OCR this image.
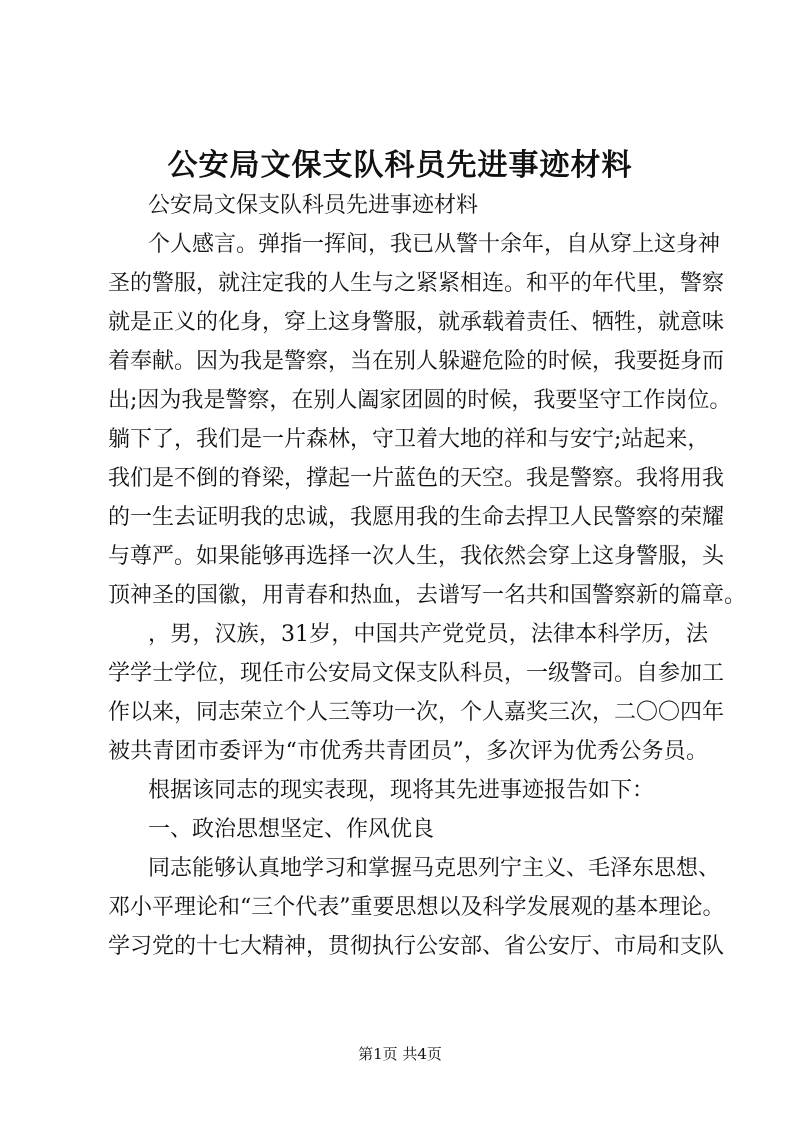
公安局文保支队科员先进事迹材料
公安局文保支队科员先进事迹材料
个人感言。弹指一挥间，我已从警十余年，自从穿上这身神
圣的警服，就注定我的人生与之紧紧相连。和平的年代里，警察
就是正义的化身，穿上这身警服，就承载着责任、牺牲，就意味
着奉献。因为我是警察，当在别人躲避危险的时候，我要挺身而
出;因为我是警察，在别人阖家团圆的时候，我要坚守工作岗位。
躺下了，我们是一片森林，守卫着大地的祥和与安宁;站起来，
我们是不倒的脊梁，撑起一片蓝色的天空。我是警察。我将用我
的一生去证明我的忠诚，我愿用我的生命去捍卫人民警察的荣耀
与尊严。如果能够再选择一次人生，我依然会穿上这身警服，头
顶神圣的国徽，用青春和热血，去谱写一名共和国警察新的篇章。
，男，汉族，31岁，中国共产党党员，法律本科学历，法
学学士学位，现任市公安局文保支队科员，一级警司。自参加工
作以来，同志荣立个人三等功一次，个人嘉奖三次，二〇〇四年
被共青团市委评为“市优秀共青团员”，多次评为优秀公务员。
根据该同志的现实表现，现将其先进事迹报告如下：
一、政治思想坚定、作风优良
同志能够认真地学习和掌握马克思列宁主义、毛泽东思想、
邓小平理论和“三个代表”重要思想以及科学发展观的基本理论。
学习党的十七大精神，贯彻执行公安部、省公安厅、市局和支队
第1页 共4页
